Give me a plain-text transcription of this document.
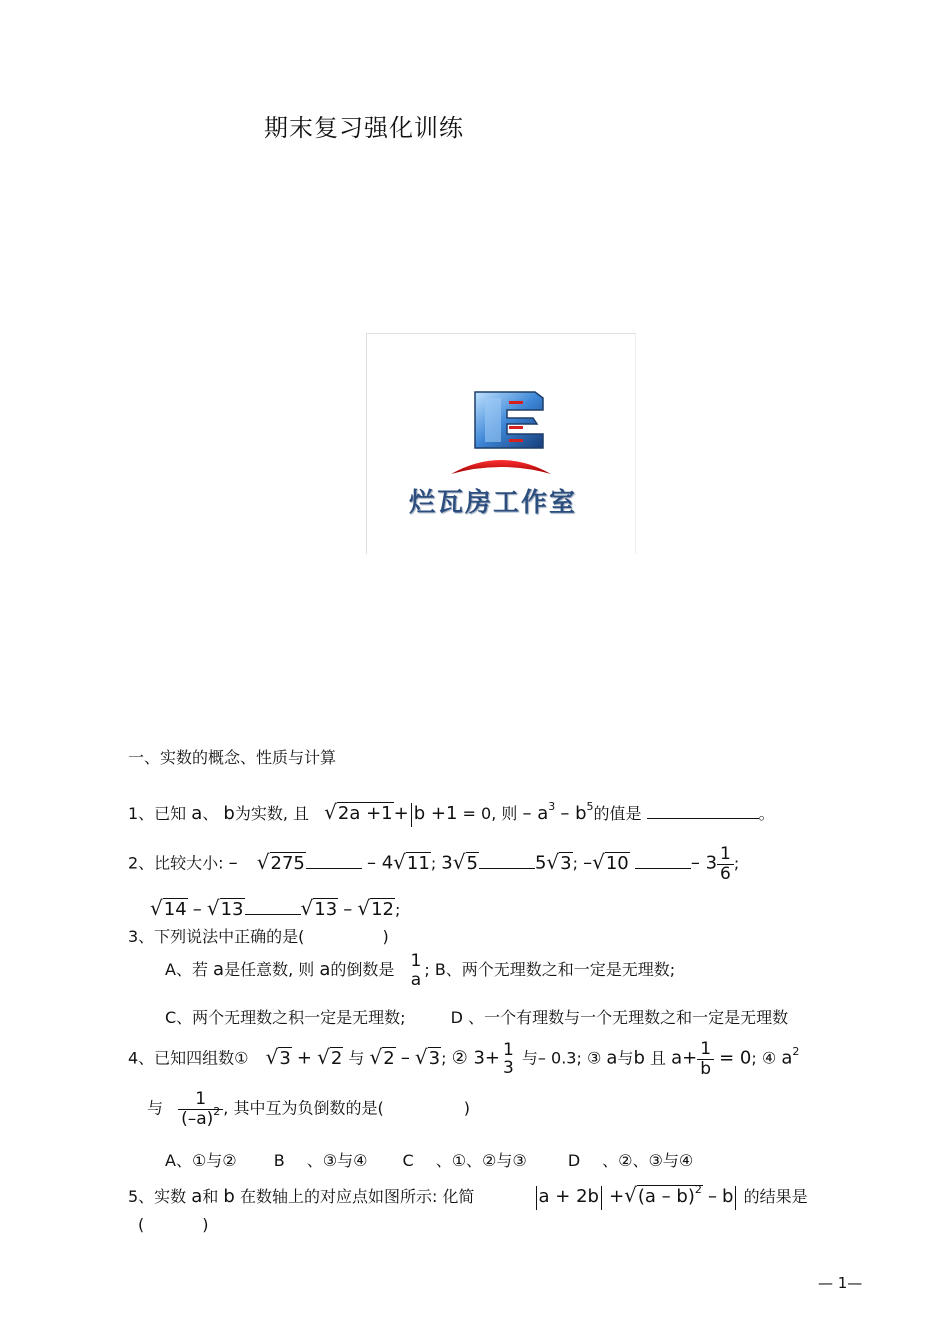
期末复习强化训练
烂瓦房工作室
一、实数的概念、性质与计算
1、已知 a、 b为实数, 且 √2a +1+ b +1 = 0, 则 – $a^3 - b^5$的值是	。
2、比较大小: – √275	– 4√11; 3√5	5√3; –√10	– $3 \frac{1}{6}$ ;
√14 – √13	√13 – √12;
3、下列说法中正确的是(	)
A、若 a是任意数, 则 a的倒数是 1
a ; B、两个无理数之和一定是无理数;
C、两个无理数之积一定是无理数;	D 、一个有理数与一个无理数之和一定是无理数
4、已知四组数① √3 + √2 与 √2 – √3; ② 3+ 1
3 与– 0.3; ③ a与b 且 $a+ \frac{1}{b} = 0$; ④ $a^2$
与 $\frac{1}{(-a)^2}$ , 其中互为负倒数的是(	)
A、①与② B 、③与④ C 、①、②与③	D 、②、③与④
5、实数 a和 b 在数轴上的对应点如图所示: 化简	a + 2b +√(a – b)$^2$ – b 的结果是
(	)
— 1—
